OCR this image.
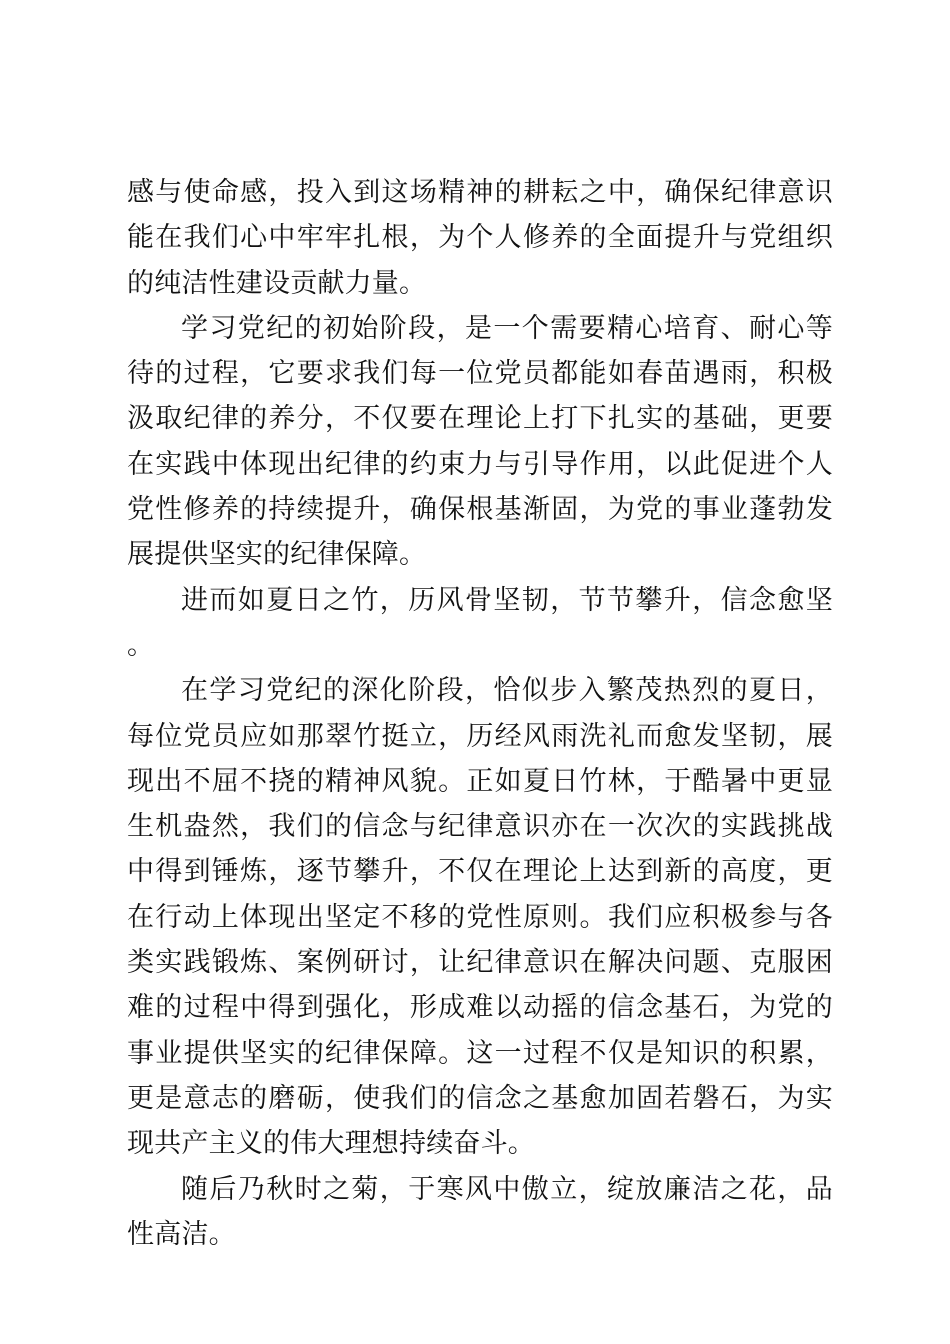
感与使命感，投入到这场精神的耕耘之中，确保纪律意识能在我们心中牢牢扎根，为个人修养的全面提升与党组织的纯洁性建设贡献力量。

学习党纪的初始阶段，是一个需要精心培育、耐心等待的过程，它要求我们每一位党员都能如春苗遇雨，积极汲取纪律的养分，不仅要在理论上打下扎实的基础，更要在实践中体现出纪律的约束力与引导作用，以此促进个人党性修养的持续提升，确保根基渐固，为党的事业蓬勃发展提供坚实的纪律保障。

进而如夏日之竹，历风骨坚韧，节节攀升，信念愈坚。

在学习党纪的深化阶段，恰似步入繁茂热烈的夏日，每位党员应如那翠竹挺立，历经风雨洗礼而愈发坚韧，展现出不屈不挠的精神风貌。正如夏日竹林，于酷暑中更显生机盎然，我们的信念与纪律意识亦在一次次的实践挑战中得到锤炼，逐节攀升，不仅在理论上达到新的高度，更在行动上体现出坚定不移的党性原则。我们应积极参与各类实践锻炼、案例研讨，让纪律意识在解决问题、克服困难的过程中得到强化，形成难以动摇的信念基石，为党的事业提供坚实的纪律保障。这一过程不仅是知识的积累，更是意志的磨砺，使我们的信念之基愈加固若磐石，为实现共产主义的伟大理想持续奋斗。

随后乃秋时之菊，于寒风中傲立，绽放廉洁之花，品性高洁。
